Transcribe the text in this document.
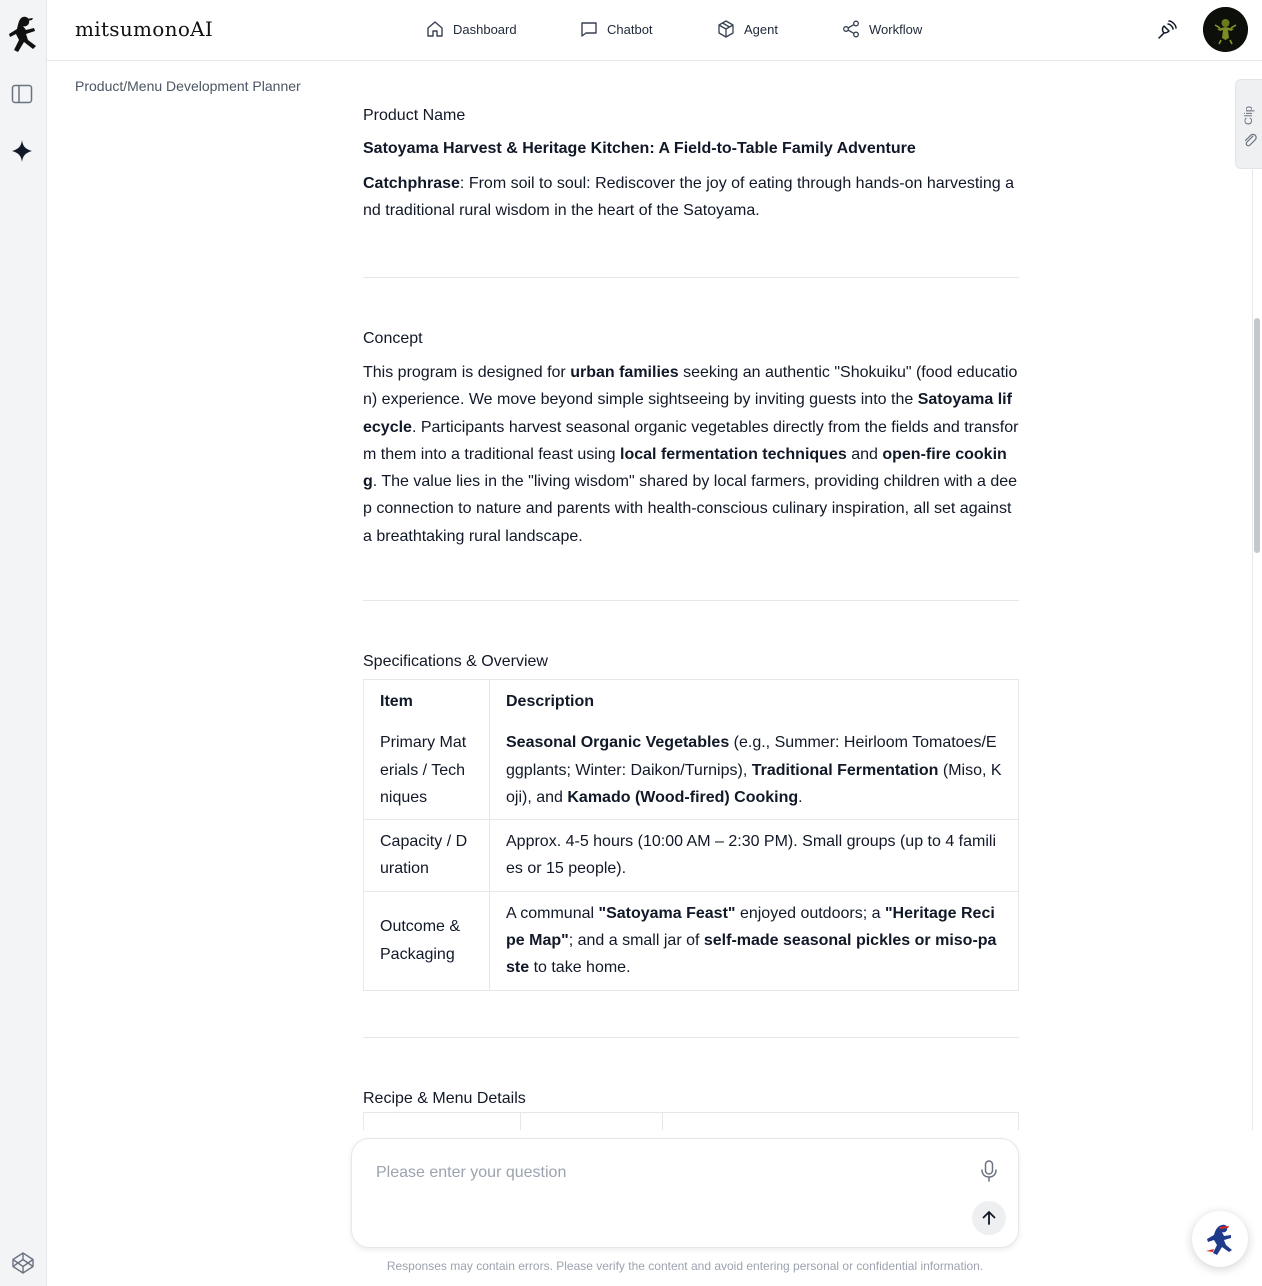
mitsumonoAI	Dashboard	Chatbot	Agent	Workflow
Product/Menu Development Planner
Clip
Product Name
Satoyama Harvest & Heritage Kitchen: A Field-to-Table Family Adventure

Catchphrase: From soil to soul: Rediscover the joy of eating through hands-on harvesting and traditional rural wisdom in the heart of the Satoyama.

Concept

This program is designed for urban families seeking an authentic "Shokuiku" (food education) experience. We move beyond simple sightseeing by inviting guests into the Satoyama lifecycle. Participants harvest seasonal organic vegetables directly from the fields and transform them into a traditional feast using local fermentation techniques and open-fire cooking. The value lies in the "living wisdom" shared by local farmers, providing children with a deep connection to nature and parents with health-conscious culinary inspiration, all set against a breathtaking rural landscape.

Specifications & Overview
Item	Description
Primary Materials / Techniques	Seasonal Organic Vegetables (e.g., Summer: Heirloom Tomatoes/Eggplants; Winter: Daikon/Turnips), Traditional Fermentation (Miso, Koji), and Kamado (Wood-fired) Cooking.
Capacity / Duration	Approx. 4-5 hours (10:00 AM – 2:30 PM). Small groups (up to 4 families or 15 people).
Outcome & Packaging	A communal "Satoyama Feast" enjoyed outdoors; a "Heritage Recipe Map"; and a small jar of self-made seasonal pickles or miso-paste to take home.
Recipe & Menu Details
Please enter your question
Responses may contain errors. Please verify the content and avoid entering personal or confidential information.
